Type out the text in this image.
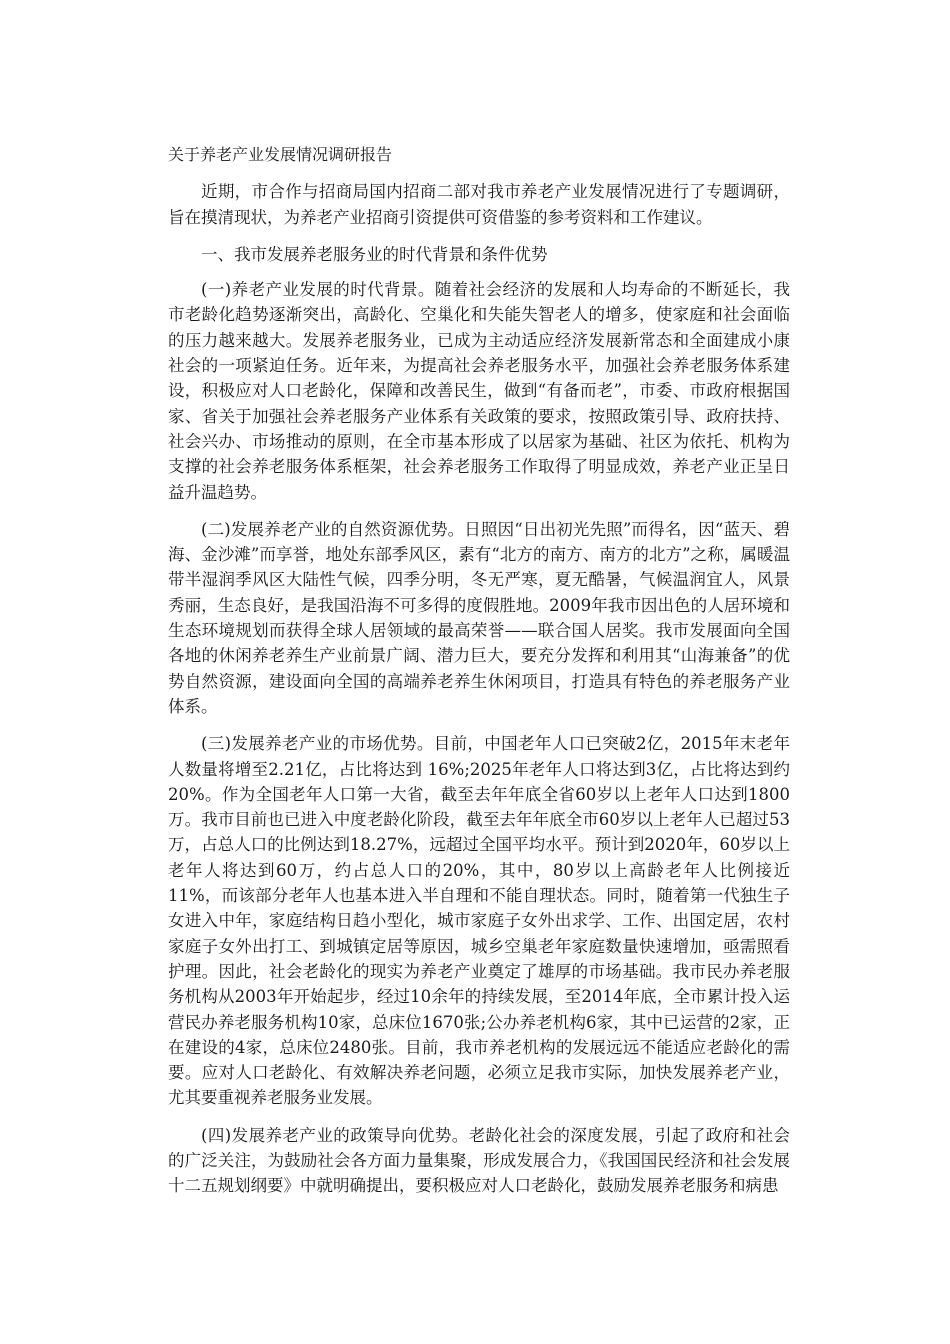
关于养老产业发展情况调研报告

近期，市合作与招商局国内招商二部对我市养老产业发展情况进行了专题调研，旨在摸清现状，为养老产业招商引资提供可资借鉴的参考资料和工作建议。

一、我市发展养老服务业的时代背景和条件优势

(一)养老产业发展的时代背景。随着社会经济的发展和人均寿命的不断延长，我市老龄化趋势逐渐突出，高龄化、空巢化和失能失智老人的增多，使家庭和社会面临的压力越来越大。发展养老服务业，已成为主动适应经济发展新常态和全面建成小康社会的一项紧迫任务。近年来，为提高社会养老服务水平，加强社会养老服务体系建设，积极应对人口老龄化，保障和改善民生，做到“有备而老”，市委、市政府根据国家、省关于加强社会养老服务产业体系有关政策的要求，按照政策引导、政府扶持、社会兴办、市场推动的原则，在全市基本形成了以居家为基础、社区为依托、机构为支撑的社会养老服务体系框架，社会养老服务工作取得了明显成效，养老产业正呈日益升温趋势。

(二)发展养老产业的自然资源优势。日照因“日出初光先照”而得名，因“蓝天、碧海、金沙滩”而享誉，地处东部季风区，素有“北方的南方、南方的北方”之称，属暖温带半湿润季风区大陆性气候，四季分明，冬无严寒，夏无酷暑，气候温润宜人，风景秀丽，生态良好，是我国沿海不可多得的度假胜地。2009年我市因出色的人居环境和生态环境规划而获得全球人居领域的最高荣誉——联合国人居奖。我市发展面向全国各地的休闲养老养生产业前景广阔、潜力巨大，要充分发挥和利用其“山海兼备”的优势自然资源，建设面向全国的高端养老养生休闲项目，打造具有特色的养老服务产业体系。

(三)发展养老产业的市场优势。目前，中国老年人口已突破2亿，2015年末老年人数量将增至2.21亿，占比将达到 16%;2025年老年人口将达到3亿，占比将达到约20%。作为全国老年人口第一大省，截至去年年底全省60岁以上老年人口达到1800万。我市目前也已进入中度老龄化阶段，截至去年年底全市60岁以上老年人已超过53万，占总人口的比例达到18.27%，远超过全国平均水平。预计到2020年，60岁以上老年人将达到60万，约占总人口的20%，其中，80岁以上高龄老年人比例接近11%，而该部分老年人也基本进入半自理和不能自理状态。同时，随着第一代独生子女进入中年，家庭结构日趋小型化，城市家庭子女外出求学、工作、出国定居，农村家庭子女外出打工、到城镇定居等原因，城乡空巢老年家庭数量快速增加，亟需照看护理。因此，社会老龄化的现实为养老产业奠定了雄厚的市场基础。我市民办养老服务机构从2003年开始起步，经过10余年的持续发展，至2014年底，全市累计投入运营民办养老服务机构10家，总床位1670张;公办养老机构6家，其中已运营的2家，正在建设的4家，总床位2480张。目前，我市养老机构的发展远远不能适应老龄化的需要。应对人口老龄化、有效解决养老问题，必须立足我市实际，加快发展养老产业，尤其要重视养老服务业发展。

(四)发展养老产业的政策导向优势。老龄化社会的深度发展，引起了政府和社会的广泛关注，为鼓励社会各方面力量集聚，形成发展合力，《我国国民经济和社会发展十二五规划纲要》中就明确提出，要积极应对人口老龄化，鼓励发展养老服务和病患
